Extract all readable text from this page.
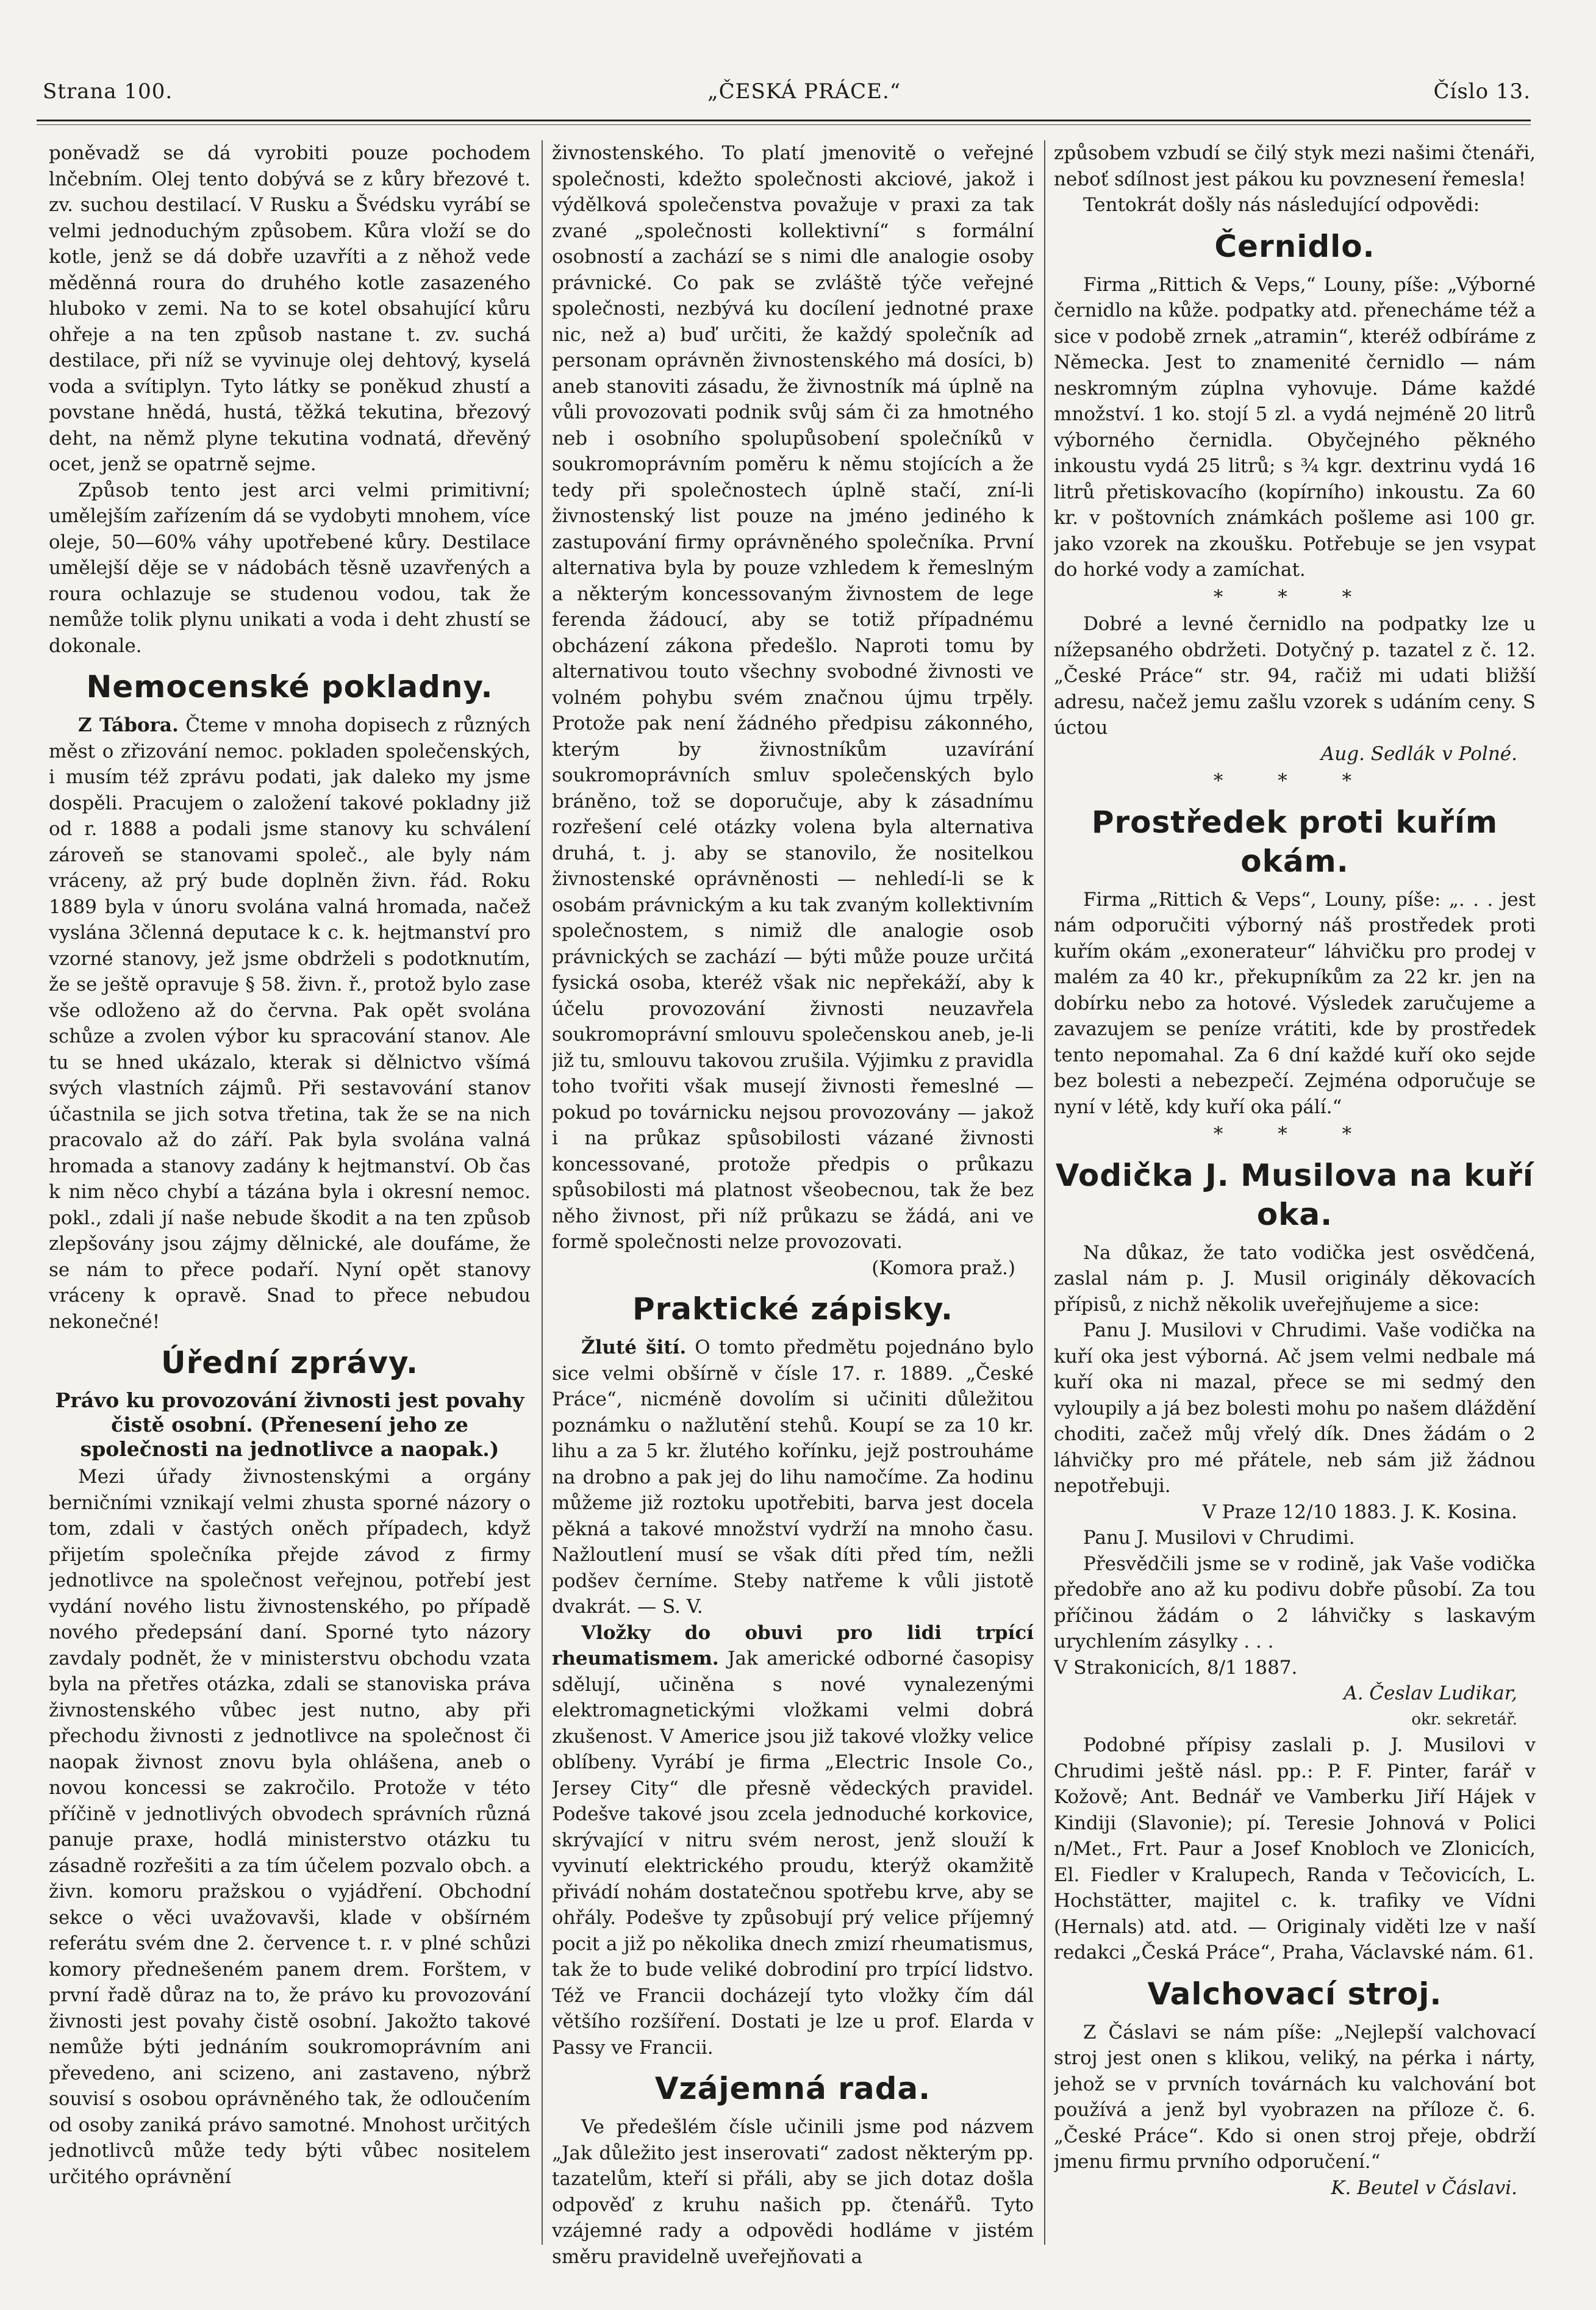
Strana 100.	„ČESKÁ PRÁCE.“	Číslo 13.

poněvadž se dá vyrobiti pouze pochodem lnčebním. Olej tento dobývá se z kůry březové t. zv. suchou destilací. V Rusku a Švédsku vyrábí se velmi jednoduchým způsobem. Kůra vloží se do kotle, jenž se dá dobře uzavříti a z něhož vede měděnná roura do druhého kotle zasazeného hluboko v zemi. Na to se kotel obsahující kůru ohřeje a na ten způsob nastane t. zv. suchá destilace, při níž se vyvinuje olej dehtový, kyselá voda a svítiplyn. Tyto látky se poněkud zhustí a povstane hnědá, hustá, těžká tekutina, březový deht, na němž plyne tekutina vodnatá, dřevěný ocet, jenž se opatrně sejme.

Způsob tento jest arci velmi primitivní; umělejším zařízením dá se vydobyti mnohem, více oleje, 50—60% váhy upotřebené kůry. Destilace umělejší děje se v nádobách těsně uzavřených a roura ochlazuje se studenou vodou, tak že nemůže tolik plynu unikati a voda i deht zhustí se dokonale.

Nemocenské pokladny.

Z Tábora. Čteme v mnoha dopisech z různých měst o zřizování nemoc. pokladen společenských, i musím též zprávu podati, jak daleko my jsme dospěli. Pracujem o založení takové pokladny již od r. 1888 a podali jsme stanovy ku schválení zároveň se stanovami společ., ale byly nám vráceny, až prý bude doplněn živn. řád. Roku 1889 byla v únoru svolána valná hromada, načež vyslána 3členná deputace k c. k. hejtmanství pro vzorné stanovy, jež jsme obdrželi s podotknutím, že se ještě opravuje § 58. živn. ř., protož bylo zase vše odloženo až do června. Pak opět svolána schůze a zvolen výbor ku spracování stanov. Ale tu se hned ukázalo, kterak si dělnictvo všímá svých vlastních zájmů. Při sestavování stanov účastnila se jich sotva třetina, tak že se na nich pracovalo až do září. Pak byla svolána valná hromada a stanovy zadány k hejtmanství. Ob čas k nim něco chybí a tázána byla i okresní nemoc. pokl., zdali jí naše nebude škodit a na ten způsob zlepšovány jsou zájmy dělnické, ale doufáme, že se nám to přece podaří. Nyní opět stanovy vráceny k opravě. Snad to přece nebudou nekonečné!

Úřední zprávy.
Právo ku provozování živnosti jest povahy čistě osobní. (Přenesení jeho ze společnosti na jednotlivce a naopak.)

Mezi úřady živnostenskými a orgány berničními vznikají velmi zhusta sporné názory o tom, zdali v častých oněch případech, když přijetím společníka přejde závod z firmy jednotlivce na společnost veřejnou, potřebí jest vydání nového listu živnostenského, po případě nového předepsání daní. Sporné tyto názory zavdaly podnět, že v ministerstvu obchodu vzata byla na přetřes otázka, zdali se stanoviska práva živnostenského vůbec jest nutno, aby při přechodu živnosti z jednotlivce na společnost či naopak živnost znovu byla ohlášena, aneb o novou koncessi se zakročilo. Protože v této příčině v jednotlivých obvodech správních různá panuje praxe, hodlá ministerstvo otázku tu zásadně rozřešiti a za tím účelem pozvalo obch. a živn. komoru pražskou o vyjádření. Obchodní sekce o věci uvažovavši, klade v obšírném referátu svém dne 2. července t. r. v plné schůzi komory přednešeném panem drem. Forštem, v první řadě důraz na to, že právo ku provozování živnosti jest povahy čistě osobní. Jakožto takové nemůže býti jednáním soukromoprávním ani převedeno, ani scizeno, ani zastaveno, nýbrž souvisí s osobou oprávněného tak, že odloučením od osoby zaniká právo samotné. Mnohost určitých jednotlivců může tedy býti vůbec nositelem určitého oprávnění

živnostenského. To platí jmenovitě o veřejné společnosti, kdežto společnosti akciové, jakož i výdělková společenstva považuje v praxi za tak zvané „společnosti kollektivní“ s formální osobností a zachází se s nimi dle analogie osoby právnické. Co pak se zvláště týče veřejné společnosti, nezbývá ku docílení jednotné praxe nic, než a) buď určiti, že každý společník ad personam oprávněn živnostenského má dosíci, b) aneb stanoviti zásadu, že živnostník má úplně na vůli provozovati podnik svůj sám či za hmotného neb i osobního spolupůsobení společníků v soukromoprávním poměru k němu stojících a že tedy při společnostech úplně stačí, zní-li živnostenský list pouze na jméno jediného k zastupování firmy oprávněného společníka. První alternativa byla by pouze vzhledem k řemeslným a některým koncessovaným živnostem de lege ferenda žádoucí, aby se totiž případnému obcházení zákona předešlo. Naproti tomu by alternativou touto všechny svobodné živnosti ve volném pohybu svém značnou újmu trpěly. Protože pak není žádného předpisu zákonného, kterým by živnostníkům uzavírání soukromoprávních smluv společenských bylo bráněno, tož se doporučuje, aby k zásadnímu rozřešení celé otázky volena byla alternativa druhá, t. j. aby se stanovilo, že nositelkou živnostenské oprávněnosti — nehledí-li se k osobám právnickým a ku tak zvaným kollektivním společnostem, s nimiž dle analogie osob právnických se zachází — býti může pouze určitá fysická osoba, kteréž však nic nepřekáží, aby k účelu provozování živnosti neuzavřela soukromoprávní smlouvu společenskou aneb, je-li již tu, smlouvu takovou zrušila. Výjimku z pravidla toho tvořiti však musejí živnosti řemeslné — pokud po továrnicku nejsou provozovány — jakož i na průkaz spůsobilosti vázané živnosti koncessované, protože předpis o průkazu spůsobilosti má platnost všeobecnou, tak že bez něho živnost, při níž průkazu se žádá, ani ve formě společnosti nelze provozovati.

(Komora praž.)

Praktické zápisky.

Žluté šití. O tomto předmětu pojednáno bylo sice velmi obšírně v čísle 17. r. 1889. „České Práce“, nicméně dovolím si učiniti důležitou poznámku o nažlutění stehů. Koupí se za 10 kr. lihu a za 5 kr. žlutého kořínku, jejž postrouháme na drobno a pak jej do lihu namočíme. Za hodinu můžeme již roztoku upotřebiti, barva jest docela pěkná a takové množství vydrží na mnoho času. Nažloutlení musí se však díti před tím, nežli podšev černíme. Steby natřeme k vůli jistotě dvakrát. — S. V.

Vložky do obuvi pro lidi trpící rheumatismem. Jak americké odborné časopisy sdělují, učiněna s nové vynalezenými elektromagnetickými vložkami velmi dobrá zkušenost. V Americe jsou již takové vložky velice oblíbeny. Vyrábí je firma „Electric Insole Co., Jersey City“ dle přesně vědeckých pravidel. Podešve takové jsou zcela jednoduché korkovice, skrývající v nitru svém nerost, jenž slouží k vyvinutí elektrického proudu, kterýž okamžitě přivádí nohám dostatečnou spotřebu krve, aby se ohřály. Podešve ty způsobují prý velice příjemný pocit a již po několika dnech zmizí rheumatismus, tak že to bude veliké dobrodiní pro trpící lidstvo. Též ve Francii docházejí tyto vložky čím dál většího rozšíření. Dostati je lze u prof. Elarda v Passy ve Francii.

Vzájemná rada.

Ve předešlém čísle učinili jsme pod názvem „Jak důležito jest inserovati“ zadost některým pp. tazatelům, kteří si přáli, aby se jich dotaz došla odpověď z kruhu našich pp. čtenářů. Tyto vzájemné rady a odpovědi hodláme v jistém směru pravidelně uveřejňovati a

způsobem vzbudí se čilý styk mezi našimi čtenáři, neboť sdílnost jest pákou ku povznesení řemesla!

Tentokrát došly nás následující odpovědi:

Černidlo.

Firma „Rittich & Veps,“ Louny, píše: „Výborné černidlo na kůže. podpatky atd. přenecháme též a sice v podobě zrnek „atramin“, kteréž odbíráme z Německa. Jest to znamenité černidlo — nám neskromným zúplna vyhovuje. Dáme každé množství. 1 ko. stojí 5 zl. a vydá nejméně 20 litrů výborného černidla. Obyčejného pěkného inkoustu vydá 25 litrů; s ¾ kgr. dextrinu vydá 16 litrů přetiskovacího (kopírního) inkoustu. Za 60 kr. v poštovních známkách pošleme asi 100 gr. jako vzorek na zkoušku. Potřebuje se jen vsypat do horké vody a zamíchat.

* * *

Dobré a levné černidlo na podpatky lze u nížepsaného obdržeti. Dotyčný p. tazatel z č. 12. „České Práce“ str. 94, račiž mi udati bližší adresu, načež jemu zašlu vzorek s udáním ceny. S úctou

Aug. Sedlák v Polné.

* * *
Prostředek proti kuřím okám.

Firma „Rittich & Veps“, Louny, píše: „. . . jest nám odporučiti výborný náš prostředek proti kuřím okám „exonerateur“ láhvičku pro prodej v malém za 40 kr., překupníkům za 22 kr. jen na dobírku nebo za hotové. Výsledek zaručujeme a zavazujem se peníze vrátiti, kde by prostředek tento nepomahal. Za 6 dní každé kuří oko sejde bez bolesti a nebezpečí. Zejména odporučuje se nyní v létě, kdy kuří oka pálí.“

* * *
Vodička J. Musilova na kuří oka.

Na důkaz, že tato vodička jest osvědčená, zaslal nám p. J. Musil originály děkovacích přípisů, z nichž několik uveřejňujeme a sice:

Panu J. Musilovi v Chrudimi. Vaše vodička na kuří oka jest výborná. Ač jsem velmi nedbale má kuří oka ni mazal, přece se mi sedmý den vyloupily a já bez bolesti mohu po našem dláždění choditi, začež můj vřelý dík. Dnes žádám o 2 láhvičky pro mé přátele, neb sám již žádnou nepotřebuji.

V Praze 12/10 1883. J. K. Kosina.

Panu J. Musilovi v Chrudimi.

Přesvědčili jsme se v rodině, jak Vaše vodička předobře ano až ku podivu dobře působí. Za tou příčinou žádám o 2 láhvičky s laskavým urychlením zásylky . . .

V Strakonicích, 8/1 1887.

A. Česlav Ludikar,

okr. sekretář.

Podobné přípisy zaslali p. J. Musilovi v Chrudimi ještě násl. pp.: P. F. Pinter, farář v Kožově; Ant. Bednář ve Vamberku Jiří Hájek v Kindiji (Slavonie); pí. Teresie Johnová v Polici n/Met., Frt. Paur a Josef Knobloch ve Zlonicích, El. Fiedler v Kralupech, Randa v Tečovicích, L. Hochstätter, majitel c. k. trafiky ve Vídni (Hernals) atd. atd. — Originaly viděti lze v naší redakci „Česká Práce“, Praha, Václavské nám. 61.

Valchovací stroj.

Z Čáslavi se nám píše: „Nejlepší valchovací stroj jest onen s klikou, veliký, na pérka i nárty, jehož se v prvních továrnách ku valchování bot používá a jenž byl vyobrazen na příloze č. 6. „České Práce“. Kdo si onen stroj přeje, obdrží jmenu firmu prvního odporučení.“

K. Beutel v Čáslavi.
